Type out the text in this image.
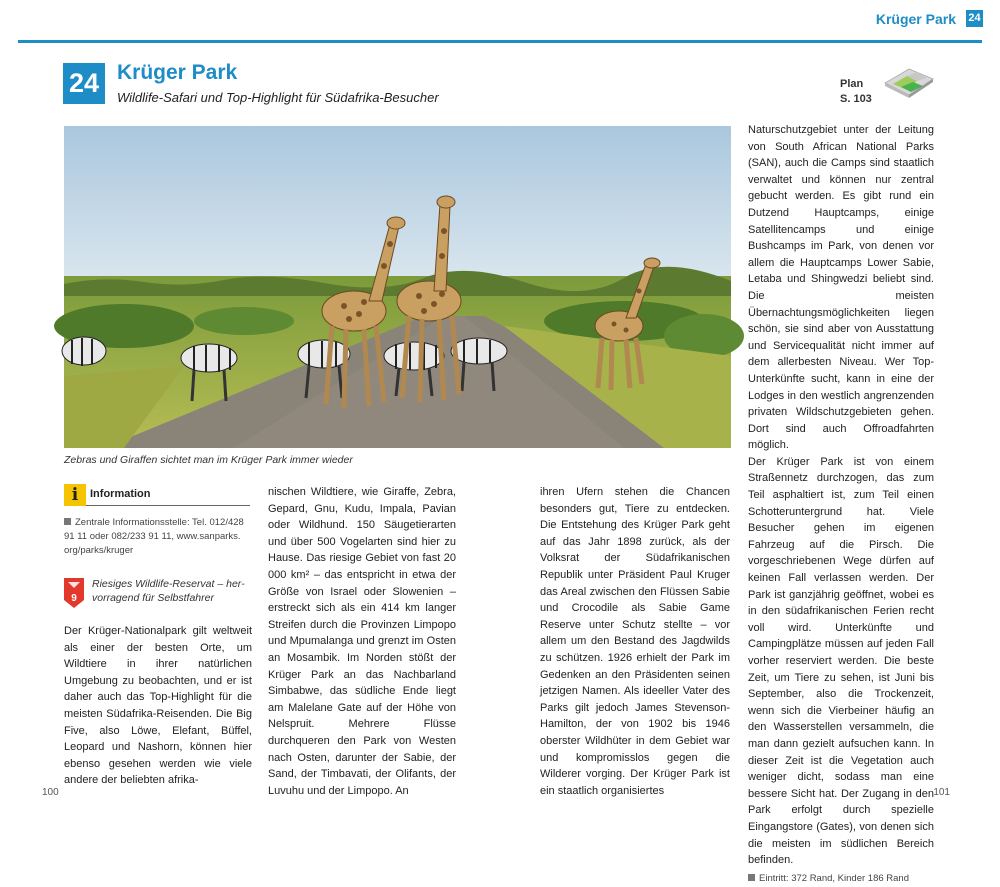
Krüger Park 24
24 Krüger Park
Wildlife-Safari und Top-Highlight für Südafrika-Besucher
Plan
S. 103
Zebras und Giraffen sichtet man im Krüger Park immer wieder
i	Information
Zentrale Informationsstelle: Tel. 012/428 91 11 oder 082/233 91 11, www.sanparks. org/parks/kruger
9
Riesiges Wildlife-Reservat – hervorragend für Selbstfahrer

Der Krüger-Nationalpark gilt weltweit als einer der besten Orte, um Wildtiere in ihrer natürlichen Umgebung zu beobachten, und er ist daher auch das Top-Highlight für die meisten Südafrika-Reisenden. Die Big Five, also Löwe, Elefant, Büffel, Leopard und Nashorn, können hier ebenso gesehen werden wie viele andere der beliebten afrika-

nischen Wildtiere, wie Giraffe, Zebra, Gepard, Gnu, Kudu, Impala, Pavian oder Wildhund. 150 Säugetierarten und über 500 Vogelarten sind hier zu Hause. Das riesige Gebiet von fast 20 000 km² – das entspricht in etwa der Größe von Israel oder Slowenien – erstreckt sich als ein 414 km langer Streifen durch die Provinzen Limpopo und Mpumalanga und grenzt im Osten an Mosambik. Im Norden stößt der Krüger Park an das Nachbarland Simbabwe, das südliche Ende liegt am Malelane Gate auf der Höhe von Nelspruit. Mehrere Flüsse durchqueren den Park von Westen nach Osten, darunter der Sabie, der Sand, der Timbavati, der Olifants, der Luvuhu und der Limpopo. An

ihren Ufern stehen die Chancen besonders gut, Tiere zu entdecken. Die Entstehung des Krüger Park geht auf das Jahr 1898 zurück, als der Volksrat der Südafrikanischen Republik unter Präsident Paul Kruger das Areal zwischen den Flüssen Sabie und Crocodile als Sabie Game Reserve unter Schutz stellte – vor allem um den Bestand des Jagdwilds zu schützen. 1926 erhielt der Park im Gedenken an den Präsidenten seinen jetzigen Namen. Als ideeller Vater des Parks gilt jedoch James Stevenson-Hamilton, der von 1902 bis 1946 oberster Wildhüter in dem Gebiet war und kompromisslos gegen die Wilderer vorging. Der Krüger Park ist ein staatlich organisiertes

Naturschutzgebiet unter der Leitung von South African National Parks (SAN), auch die Camps sind staatlich verwaltet und können nur zentral gebucht werden. Es gibt rund ein Dutzend Hauptcamps, einige Satellitencamps und einige Bushcamps im Park, von denen vor allem die Hauptcamps Lower Sabie, Letaba und Shingwedzi beliebt sind. Die meisten Übernachtungsmöglichkeiten liegen schön, sie sind aber von Ausstattung und Servicequalität nicht immer auf dem allerbesten Niveau. Wer Top-Unterkünfte sucht, kann in eine der Lodges in den westlich angrenzenden privaten Wildschutzgebieten gehen. Dort sind auch Offroadfahrten möglich.

Der Krüger Park ist von einem Straßennetz durchzogen, das zum Teil asphaltiert ist, zum Teil einen Schotteruntergrund hat. Viele Besucher gehen im eigenen Fahrzeug auf die Pirsch. Die vorgeschriebenen Wege dürfen auf keinen Fall verlassen werden. Der Park ist ganzjährig geöffnet, wobei es in den südafrikanischen Ferien recht voll wird. Unterkünfte und Campingplätze müssen auf jeden Fall vorher reserviert werden. Die beste Zeit, um Tiere zu sehen, ist Juni bis September, also die Trockenzeit, wenn sich die Vierbeiner häufig an den Wasserstellen versammeln, die man dann gezielt aufsuchen kann. In dieser Zeit ist die Vegetation auch weniger dicht, sodass man eine bessere Sicht hat. Der Zugang in den Park erfolgt durch spezielle Eingangstore (Gates), von denen sich die meisten im südlichen Bereich befinden.

Eintritt: 372 Rand, Kinder 186 Rand
100	101
